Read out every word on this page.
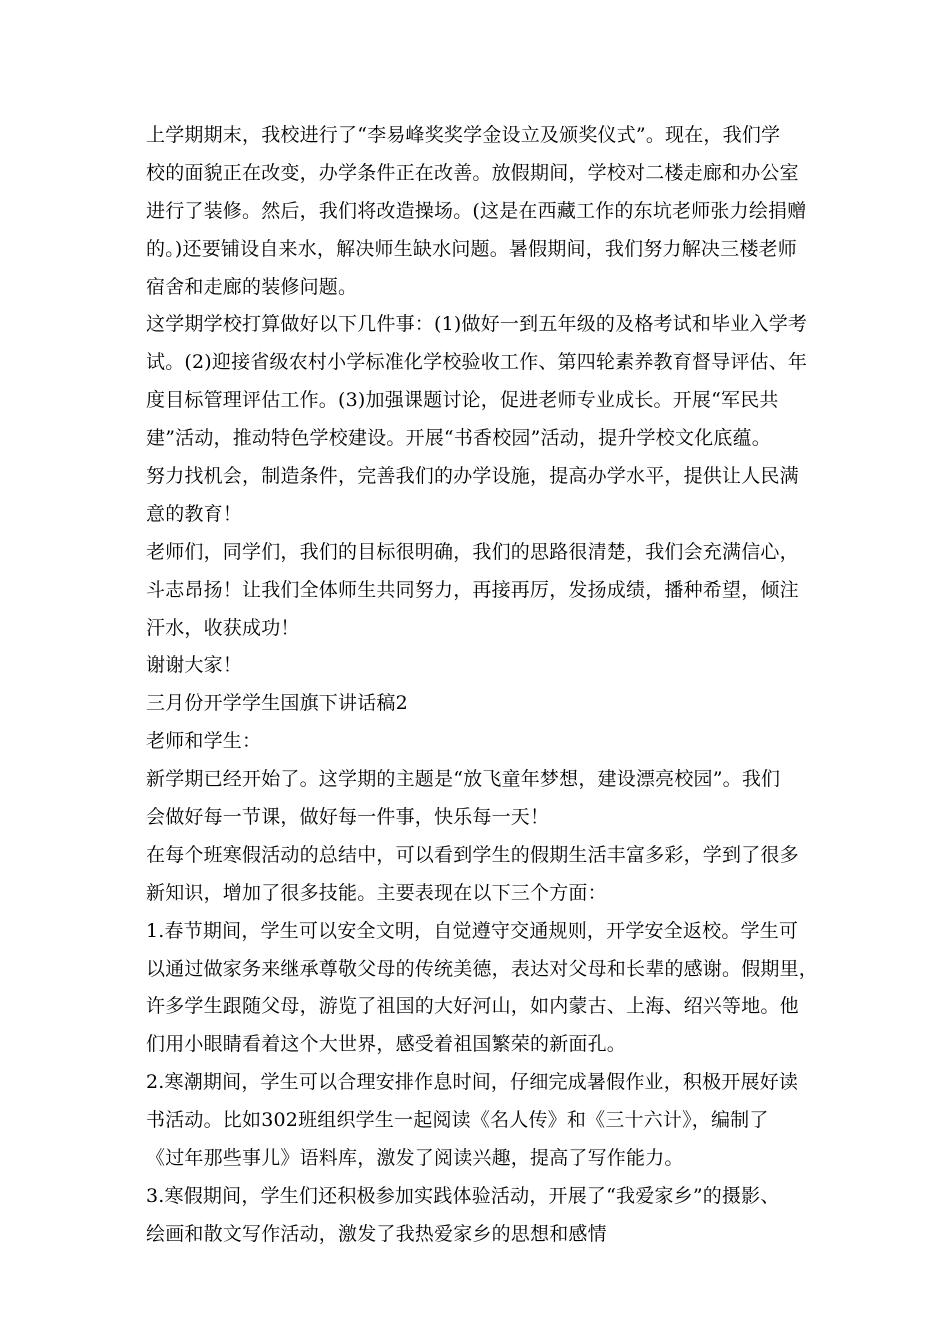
上学期期末，我校进行了“李易峰奖奖学金设立及颁奖仪式”。现在，我们学
校的面貌正在改变，办学条件正在改善。放假期间，学校对二楼走廊和办公室
进行了装修。然后，我们将改造操场。(这是在西藏工作的东坑老师张力绘捐赠
的。)还要铺设自来水，解决师生缺水问题。暑假期间，我们努力解决三楼老师
宿舍和走廊的装修问题。
这学期学校打算做好以下几件事：(1)做好一到五年级的及格考试和毕业入学考
试。(2)迎接省级农村小学标准化学校验收工作、第四轮素养教育督导评估、年
度目标管理评估工作。(3)加强课题讨论，促进老师专业成长。开展“军民共
建”活动，推动特色学校建设。开展“书香校园”活动，提升学校文化底蕴。
努力找机会，制造条件，完善我们的办学设施，提高办学水平，提供让人民满
意的教育！
老师们，同学们，我们的目标很明确，我们的思路很清楚，我们会充满信心，
斗志昂扬！让我们全体师生共同努力，再接再厉，发扬成绩，播种希望，倾注
汗水，收获成功！
谢谢大家！
三月份开学学生国旗下讲话稿2
老师和学生：
新学期已经开始了。这学期的主题是“放飞童年梦想，建设漂亮校园”。我们
会做好每一节课，做好每一件事，快乐每一天！
在每个班寒假活动的总结中，可以看到学生的假期生活丰富多彩，学到了很多
新知识，增加了很多技能。主要表现在以下三个方面：
1.春节期间，学生可以安全文明，自觉遵守交通规则，开学安全返校。学生可
以通过做家务来继承尊敬父母的传统美德，表达对父母和长辈的感谢。假期里，
许多学生跟随父母，游览了祖国的大好河山，如内蒙古、上海、绍兴等地。他
们用小眼睛看着这个大世界，感受着祖国繁荣的新面孔。
2.寒潮期间，学生可以合理安排作息时间，仔细完成暑假作业，积极开展好读
书活动。比如302班组织学生一起阅读《名人传》和《三十六计》，编制了
《过年那些事儿》语料库，激发了阅读兴趣，提高了写作能力。
3.寒假期间，学生们还积极参加实践体验活动，开展了“我爱家乡”的摄影、
绘画和散文写作活动，激发了我热爱家乡的思想和感情
